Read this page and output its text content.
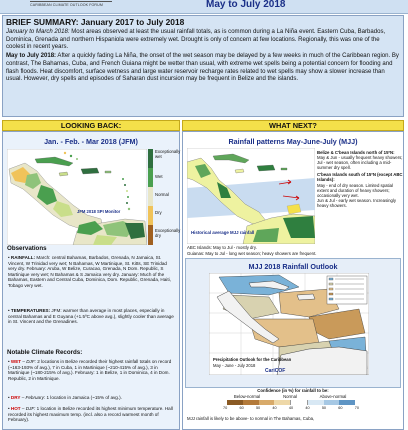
CARIBBEAN CLIMATE OUTLOOK FORUM	May to July 2018
BRIEF SUMMARY: January 2017 to July 2018

January to March 2018: Most areas observed at least the usual rainfall totals, as is common during a La Niña event. Eastern Cuba, Barbados, Dominica, Grenada and northern Hispaniola were extremely wet. Drought is only of concern at few locations. Regionally, this was one of the coolest in recent years.

May to July 2018: After a quickly fading La Niña, the onset of the wet season may be delayed by a few weeks in much of the Caribbean region. By contrast, The Bahamas, Cuba, and French Guiana might be wetter than usual, with extreme wet spells being a potential concern for flooding and flash floods. Heat discomfort, surface wetness and large water reservoir recharge rates related to wet spells may show a slower increase than usual. However, dry spells and episodes of Saharan dust incursion may be frequent in Belize and the islands.

LOOKING BACK:	WHAT NEXT?
Jan. - Feb. - Mar 2018 (JFM)
JFM 2018 SPI Monitor
Exceptionally wet
Wet
Normal
Dry
Exceptionally dry
Observations
• RAINFALL: March: central Bahamas, Barbados, Grenada, N Jamaica, St. Vincent, W Trinidad very wet; N Bahamas, W Martinique, St. Kitts, SE Trinidad very dry. February: Aruba, W Belize, Curacao, Grenada, N Dom. Republic, S Martinique very wet; N Bahamas & S Jamaica very dry. January: Much of the Bahamas, Eastern and Central Cuba, Dominica, Dom. Republic, Grenada, Haiti, Tobago very wet.
• TEMPERATURES: JFM: warmer than average in most places, especially in central Bahamas and E Guyana (+1.5ºC above avg.), slightly cooler than average in St. Vincent and the Grenadines.
Notable Climate Records:
• WET – DJF: 2 locations in Belize recorded their highest rainfall totals on record (~163-193% of avg.), 7 in Cuba, 1 in Martinique (~210-415% of avg.), 3 in Martinique (~180-215% of avg.). February: 1 in Belize, 1 in Dominica, 4 in Dom. Republic, 2 in Martinique.
• DRY – February: 1 location in Jamaica (~15% of avg.).
• HOT – DJF: 1 location in Belize recorded its highest minimum temperature. Hall recorded its highest maximum temp. (incl. also a record warmest month of February).
Rainfall patterns May-June-July (MJJ)
Historical average MJJ rainfall
Belize & C'bean Islands north of 15ºN:
May & Jun - usually frequent heavy showers;
Jul - wet season, often including a mid-summer dry spell.
C'bean Islands south of 15ºN (except ABC Islands):
May - end of dry season. Limited spatial extent and duration of heavy showers; occasionally very wet.
Jun & Jul - early wet season. Increasingly heavy showers.
ABC Islands: May to Jul - mostly dry.
Guianas: May to Jul - long wet season; heavy showers are frequent.
MJJ 2018 Rainfall Outlook
Precipitation Outlook for the Caribbean
May - June - July 2018
CariCOF
Confidence (in %) for rainfall to be:
Below-normal	Normal	Above-normal
70	60	50	40	40	40	50	60	70
MJJ rainfall is likely to be above- to normal in The Bahamas, Cuba,
